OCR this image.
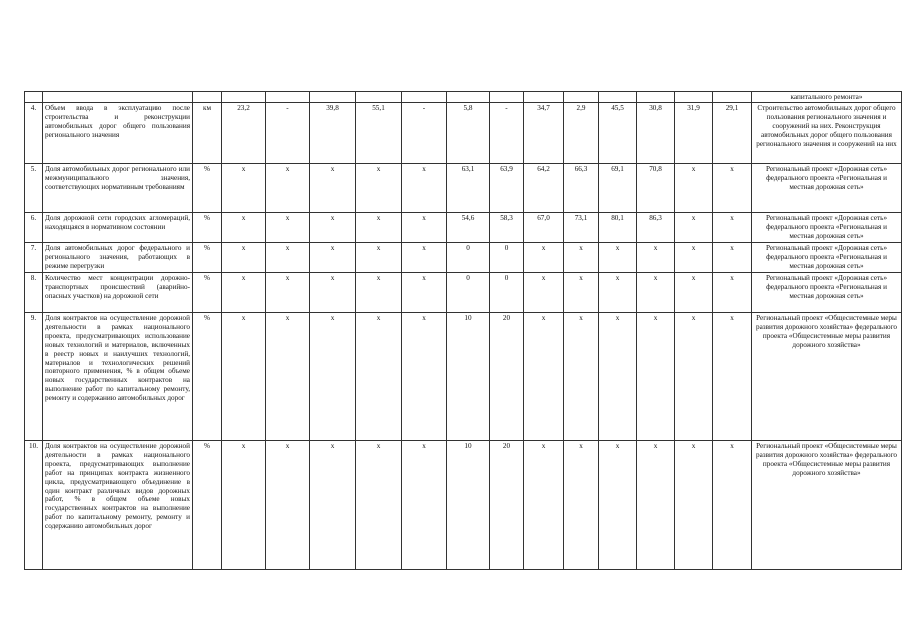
																капитального ремонта»
4.	Объем ввода в эксплуатацию после строительства и реконструкции автомобильных дорог общего пользования регионального значения	км	23,2	-	39,8	55,1	-	5,8	-	34,7	2,9	45,5	30,8	31,9	29,1	Строительство автомобильных дорог общего пользования регионального значения и сооружений на них. Реконструкция автомобильных дорог общего пользования регионального значения и сооружений на них
5.	Доля автомобильных дорог регионального или межмуниципального значения, соответствующих нормативным требованиям	%	x	x	x	x	x	63,1	63,9	64,2	66,3	69,1	70,8	x	x	Региональный проект «Дорожная сеть» федерального проекта «Региональная и местная дорожная сеть»
6.	Доля дорожной сети городских агломераций, находящаяся в нормативном состоянии	%	x	x	x	x	x	54,6	58,3	67,0	73,1	80,1	86,3	x	x	Региональный проект «Дорожная сеть» федерального проекта «Региональная и местная дорожная сеть»
7.	Доля автомобильных дорог федерального и регионального значения, работающих в режиме перегрузки	%	x	x	x	x	x	0	0	x	x	x	x	x	x	Региональный проект «Дорожная сеть» федерального проекта «Региональная и местная дорожная сеть»
8.	Количество мест концентрации дорожно-транспортных происшествий (аварийно-опасных участков) на дорожной сети	%	x	x	x	x	x	0	0	x	x	x	x	x	x	Региональный проект «Дорожная сеть» федерального проекта «Региональная и местная дорожная сеть»
9.	Доля контрактов на осуществление дорожной деятельности в рамках национального проекта, предусматривающих использование новых технологий и материалов, включенных в реестр новых и наилучших технологий, материалов и технологических решений повторного применения, % в общем объеме новых государственных контрактов на выполнение работ по капитальному ремонту, ремонту и содержанию автомобильных дорог	%	x	x	x	x	x	10	20	x	x	x	x	x	x	Региональный проект «Общесистемные меры развития дорожного хозяйства» федерального проекта «Общесистемные меры развития дорожного хозяйства»
10.	Доля контрактов на осуществление дорожной деятельности в рамках национального проекта, предусматривающих выполнение работ на принципах контракта жизненного цикла, предусматривающего объединение в один контракт различных видов дорожных работ, % в общем объеме новых государственных контрактов на выполнение работ по капитальному ремонту, ремонту и содержанию автомобильных дорог	%	x	x	x	x	x	10	20	x	x	x	x	x	x	Региональный проект «Общесистемные меры развития дорожного хозяйства» федерального проекта «Общесистемные меры развития дорожного хозяйства»
